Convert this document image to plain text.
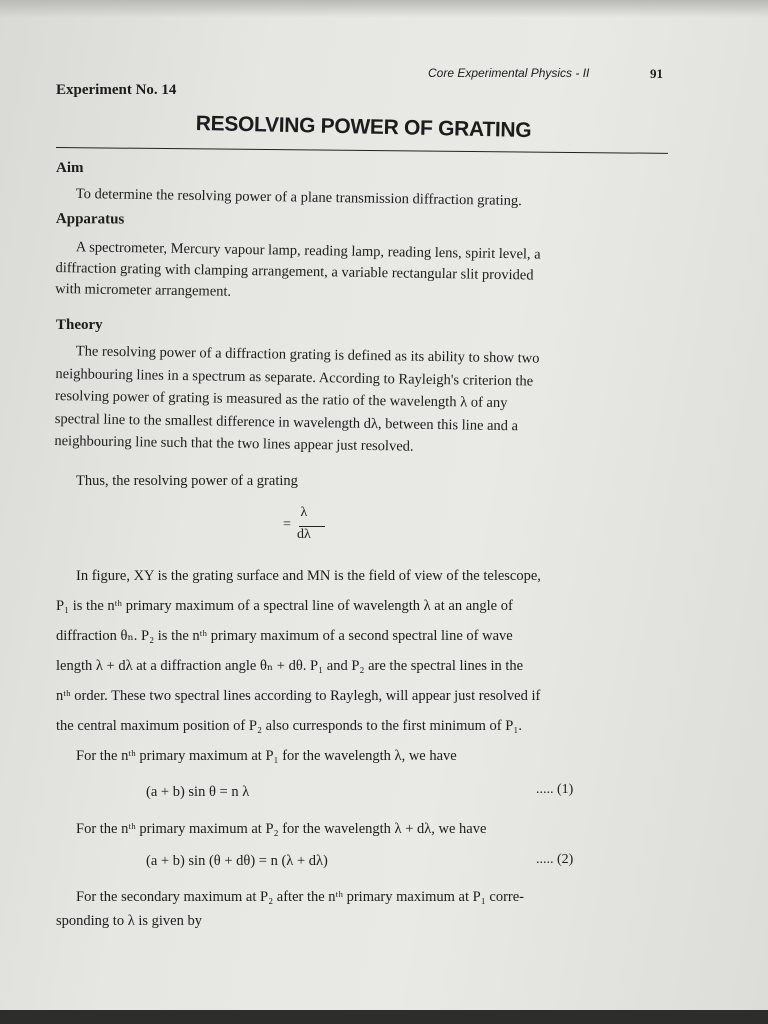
Core Experimental Physics - II	91
Experiment No. 14
RESOLVING POWER OF GRATING
Aim
To determine the resolving power of a plane transmission diffraction grating.
Apparatus
A spectrometer, Mercury vapour lamp, reading lamp, reading lens, spirit level, a
diffraction grating with clamping arrangement, a variable rectangular slit provided
with micrometer arrangement.
Theory
The resolving power of a diffraction grating is defined as its ability to show two
neighbouring lines in a spectrum as separate. According to Rayleigh's criterion the
resolving power of grating is measured as the ratio of the wavelength λ of any
spectral line to the smallest difference in wavelength dλ, between this line and a
neighbouring line such that the two lines appear just resolved.
Thus, the resolving power of a grating
=
λ
dλ
In figure, XY is the grating surface and MN is the field of view of the telescope,
P₁ is the nᵗʰ primary maximum of a spectral line of wavelength λ at an angle of
diffraction θₙ. P₂ is the nᵗʰ primary maximum of a second spectral line of wave
length λ + dλ at a diffraction angle θₙ + dθ. P₁ and P₂ are the spectral lines in the
nᵗʰ order. These two spectral lines according to Raylegh, will appear just resolved if
the central maximum position of P₂ also curresponds to the first minimum of P₁.
For the nᵗʰ primary maximum at P₁ for the wavelength λ, we have
(a + b) sin θ = n λ	..... (1)
For the nᵗʰ primary maximum at P₂ for the wavelength λ + dλ, we have
(a + b) sin (θ + dθ) = n (λ + dλ)	..... (2)
For the secondary maximum at P₂ after the nᵗʰ primary maximum at P₁ corre-
sponding to λ is given by
